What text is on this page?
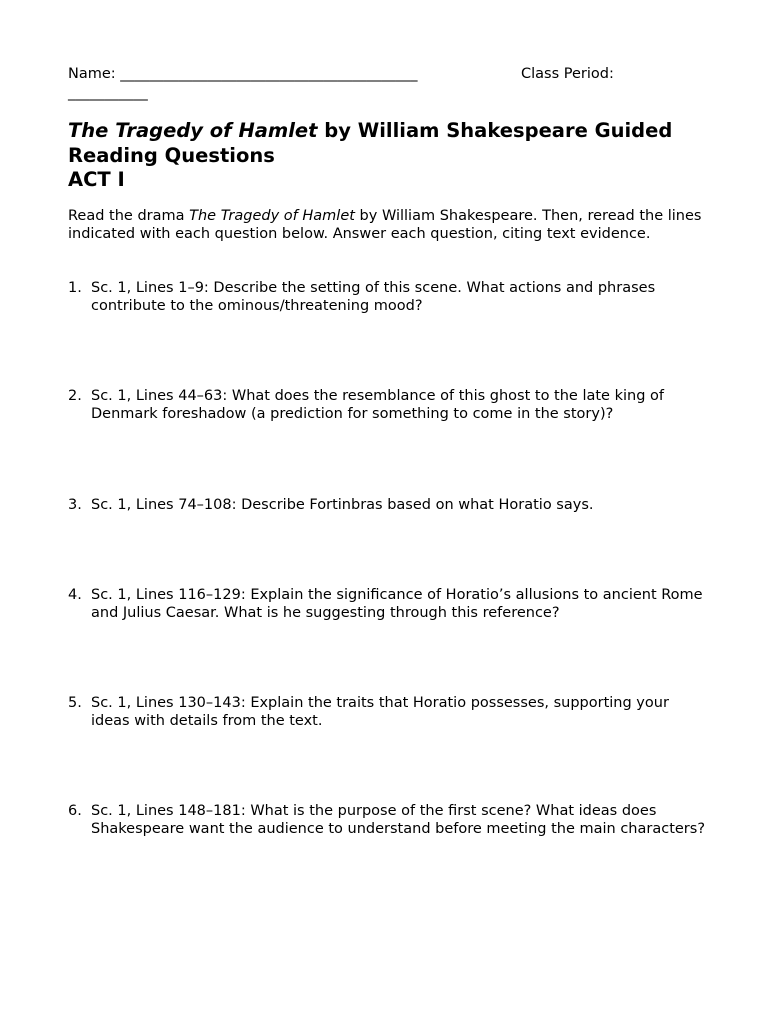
Name: _________________________________________	Class Period:
___________
The Tragedy of Hamlet by William Shakespeare Guided Reading Questions
ACT I
Read the drama The Tragedy of Hamlet by William Shakespeare. Then, reread the lines indicated with each question below. Answer each question, citing text evidence.
1. Sc. 1, Lines 1–9: Describe the setting of this scene. What actions and phrases contribute to the ominous/threatening mood?
2. Sc. 1, Lines 44–63: What does the resemblance of this ghost to the late king of Denmark foreshadow (a prediction for something to come in the story)?
3. Sc. 1, Lines 74–108: Describe Fortinbras based on what Horatio says.
4. Sc. 1, Lines 116–129: Explain the significance of Horatio’s allusions to ancient Rome and Julius Caesar. What is he suggesting through this reference?
5. Sc. 1, Lines 130–143: Explain the traits that Horatio possesses, supporting your ideas with details from the text.
6. Sc. 1, Lines 148–181: What is the purpose of the first scene? What ideas does Shakespeare want the audience to understand before meeting the main characters?
